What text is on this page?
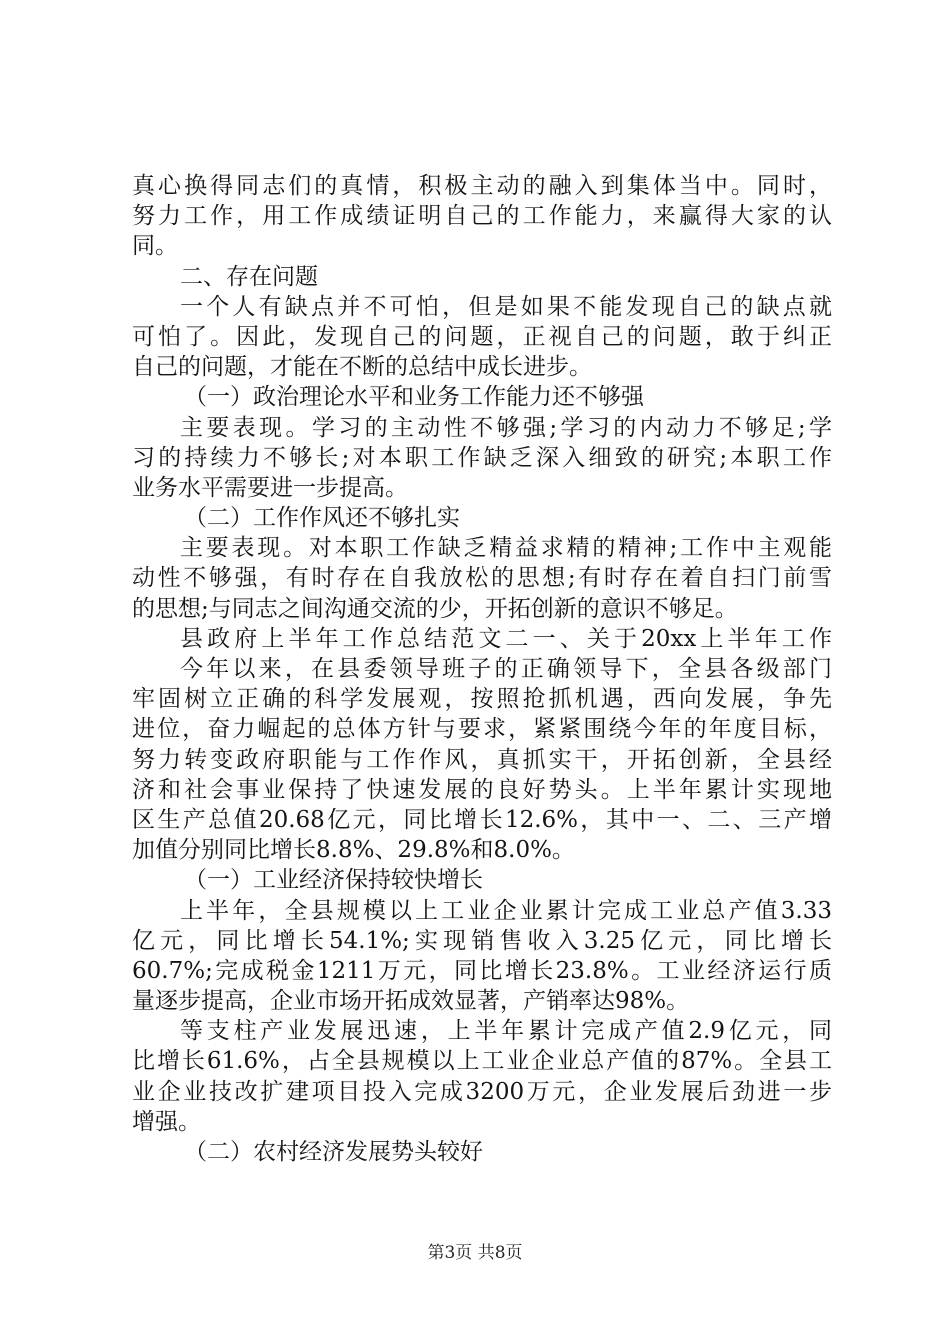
真心换得同志们的真情，积极主动的融入到集体当中。同时，
努力工作，用工作成绩证明自己的工作能力，来赢得大家的认
同。
二、存在问题
一个人有缺点并不可怕，但是如果不能发现自己的缺点就
可怕了。因此，发现自己的问题，正视自己的问题，敢于纠正
自己的问题，才能在不断的总结中成长进步。
（一）政治理论水平和业务工作能力还不够强
主要表现。学习的主动性不够强;学习的内动力不够足;学
习的持续力不够长;对本职工作缺乏深入细致的研究;本职工作
业务水平需要进一步提高。
（二）工作作风还不够扎实
主要表现。对本职工作缺乏精益求精的精神;工作中主观能
动性不够强，有时存在自我放松的思想;有时存在着自扫门前雪
的思想;与同志之间沟通交流的少，开拓创新的意识不够足。
县政府上半年工作总结范文二一、关于20xx上半年工作
今年以来，在县委领导班子的正确领导下，全县各级部门
牢固树立正确的科学发展观，按照抢抓机遇，西向发展，争先
进位，奋力崛起的总体方针与要求，紧紧围绕今年的年度目标，
努力转变政府职能与工作作风，真抓实干，开拓创新，全县经
济和社会事业保持了快速发展的良好势头。上半年累计实现地
区生产总值20.68亿元，同比增长12.6%，其中一、二、三产增
加值分别同比增长8.8%、29.8%和8.0%。
（一）工业经济保持较快增长
上半年，全县规模以上工业企业累计完成工业总产值3.33
亿元，同比增长54.1%;实现销售收入3.25亿元，同比增长
60.7%;完成税金1211万元，同比增长23.8%。工业经济运行质
量逐步提高，企业市场开拓成效显著，产销率达98%。
等支柱产业发展迅速，上半年累计完成产值2.9亿元，同
比增长61.6%，占全县规模以上工业企业总产值的87%。全县工
业企业技改扩建项目投入完成3200万元，企业发展后劲进一步
增强。
（二）农村经济发展势头较好
第3页 共8页
